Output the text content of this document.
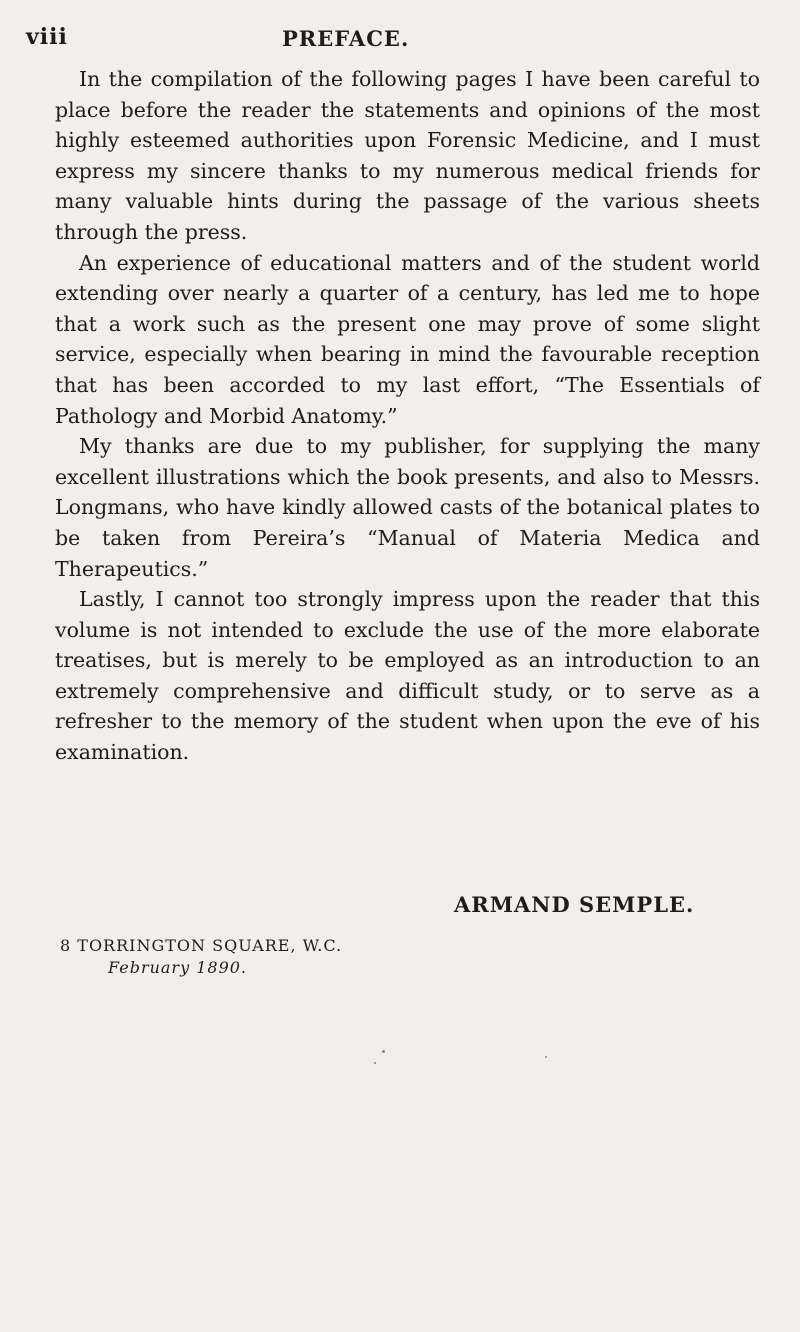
viii	PREFACE.

In the compilation of the following pages I have been careful to place before the reader the statements and opinions of the most highly esteemed authorities upon Forensic Medicine, and I must express my sincere thanks to my numerous medical friends for many valuable hints during the passage of the various sheets through the press.

An experience of educational matters and of the student world extending over nearly a quarter of a century, has led me to hope that a work such as the present one may prove of some slight service, especially when bearing in mind the favourable reception that has been accorded to my last effort, “The Essentials of Pathology and Morbid Anatomy.”

My thanks are due to my publisher, for supplying the many excellent illustrations which the book presents, and also to Messrs. Longmans, who have kindly allowed casts of the botanical plates to be taken from Pereira’s “Manual of Materia Medica and Therapeutics.”

Lastly, I cannot too strongly impress upon the reader that this volume is not intended to exclude the use of the more elaborate treatises, but is merely to be employed as an introduction to an extremely comprehensive and difficult study, or to serve as a refresher to the memory of the student when upon the eve of his examination.

ARMAND SEMPLE.
8 TORRINGTON SQUARE, W.C.
February 1890.
